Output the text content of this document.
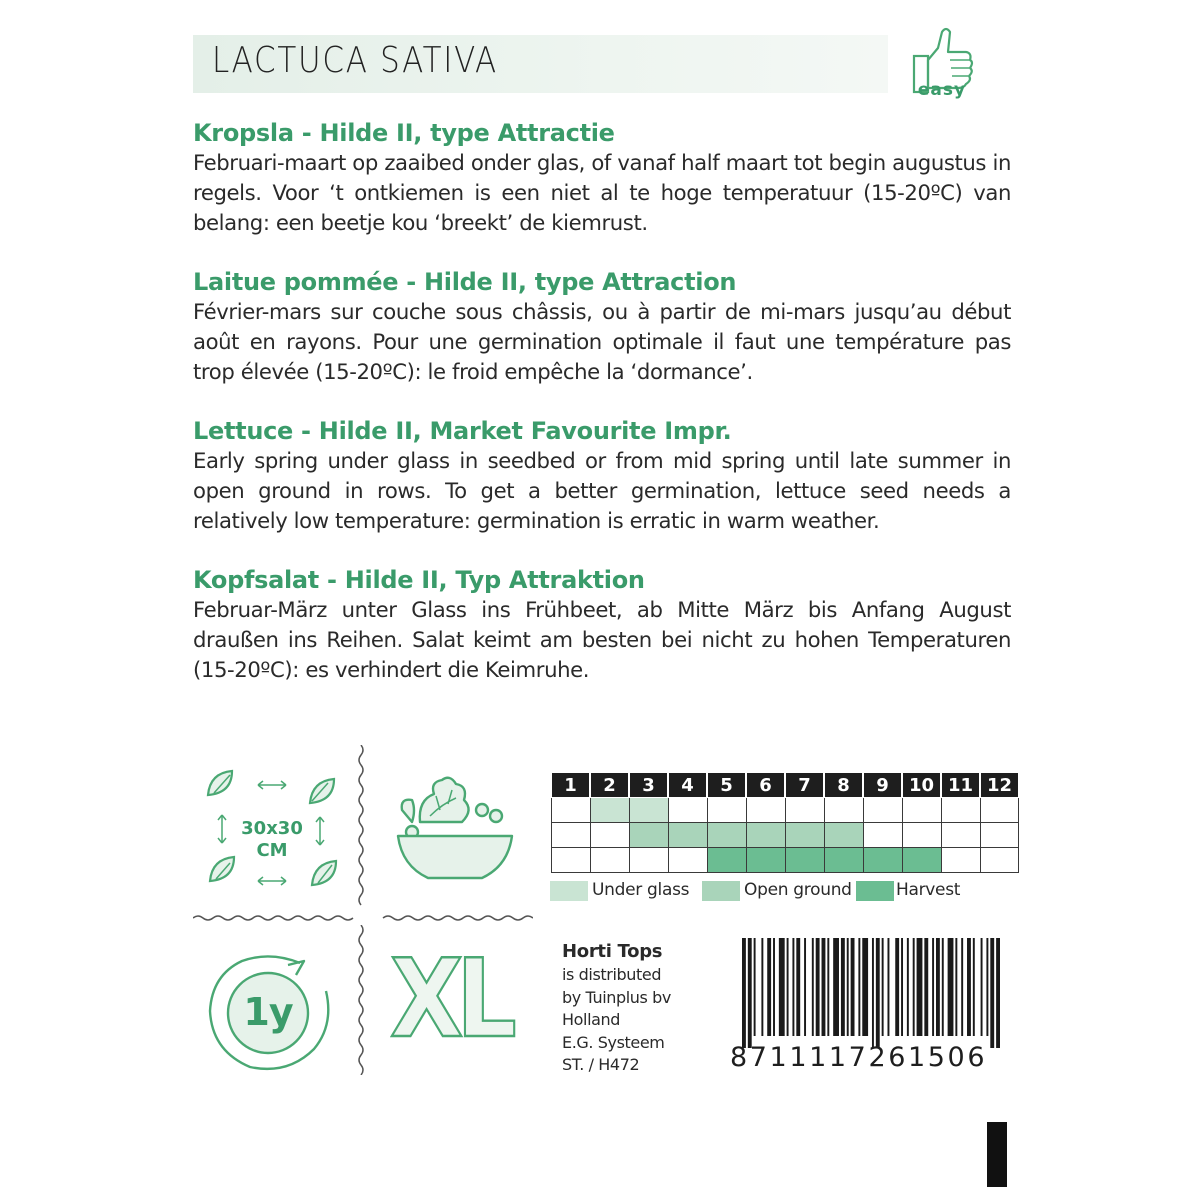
LACTUCA SATIVA
easy
Kropsla - Hilde II, type Attractie

Februari-maart op zaaibed onder glas, of vanaf half maart tot begin augustus in regels. Voor ‘t ontkiemen is een niet al te hoge temperatuur (15-20ºC) van belang: een beetje kou ‘breekt’ de kiemrust.

Laitue pommée - Hilde II, type Attraction

Février-mars sur couche sous châssis, ou à partir de mi-mars jusqu’au début août en rayons. Pour une germination optimale il faut une température pas trop élevée (15-20ºC): le froid empêche la ‘dormance’.

Lettuce - Hilde II, Market Favourite Impr.

Early spring under glass in seedbed or from mid spring until late summer in open ground in rows. To get a better germination, lettuce seed needs a relatively low temperature: germination is erratic in warm weather.

Kopfsalat - Hilde II, Typ Attraktion

Februar-März unter Glass ins Frühbeet, ab Mitte März bis Anfang August draußen ins Reihen. Salat keimt am besten bei nicht zu hohen Temperaturen (15-20ºC): es verhindert die Keimruhe.

30x30
CM
1y XL
1	2	3	4	5	6	7	8	9	10	11	12

Under glass	Open ground	Harvest
Horti Tops
is distributed
by Tuinplus bv
Holland
E.G. Systeem
ST. / H472	8711117261506
